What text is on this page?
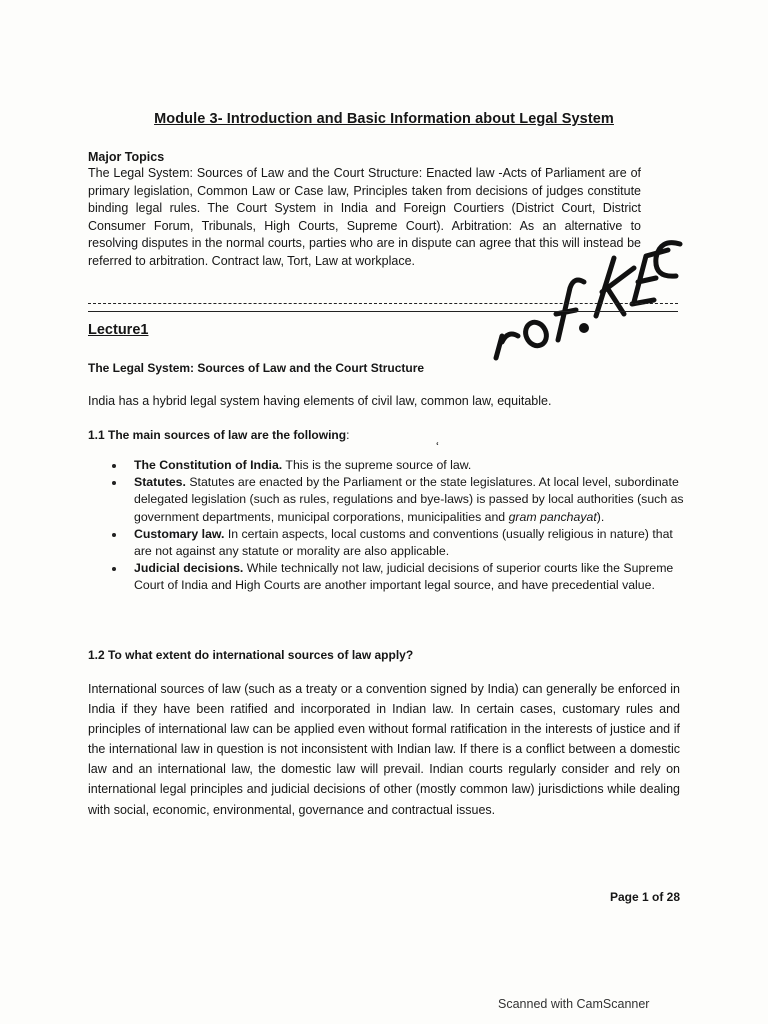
Module 3- Introduction and Basic Information about Legal System
Major Topics
The Legal System: Sources of Law and the Court Structure: Enacted law -Acts of Parliament are of primary legislation, Common Law or Case law, Principles taken from decisions of judges constitute binding legal rules. The Court System in India and Foreign Courtiers (District Court, District Consumer Forum, Tribunals, High Courts, Supreme Court). Arbitration: As an alternative to resolving disputes in the normal courts, parties who are in dispute can agree that this will instead be referred to arbitration. Contract law, Tort, Law at workplace.
Lecture1
The Legal System: Sources of Law and the Court Structure
India has a hybrid legal system having elements of civil law, common law, equitable.
1.1 The main sources of law are the following:
ʿ
The Constitution of India. This is the supreme source of law.
Statutes. Statutes are enacted by the Parliament or the state legislatures. At local level, subordinate delegated legislation (such as rules, regulations and bye-laws) is passed by local authorities (such as government departments, municipal corporations, municipalities and gram panchayat).
Customary law. In certain aspects, local customs and conventions (usually religious in nature) that are not against any statute or morality are also applicable.
Judicial decisions. While technically not law, judicial decisions of superior courts like the Supreme Court of India and High Courts are another important legal source, and have precedential value.
1.2 To what extent do international sources of law apply?
International sources of law (such as a treaty or a convention signed by India) can generally be enforced in India if they have been ratified and incorporated in Indian law. In certain cases, customary rules and principles of international law can be applied even without formal ratification in the interests of justice and if the international law in question is not inconsistent with Indian law. If there is a conflict between a domestic law and an international law, the domestic law will prevail. Indian courts regularly consider and rely on international legal principles and judicial decisions of other (mostly common law) jurisdictions while dealing with social, economic, environmental, governance and contractual issues.
Page 1 of 28
Scanned with CamScanner
